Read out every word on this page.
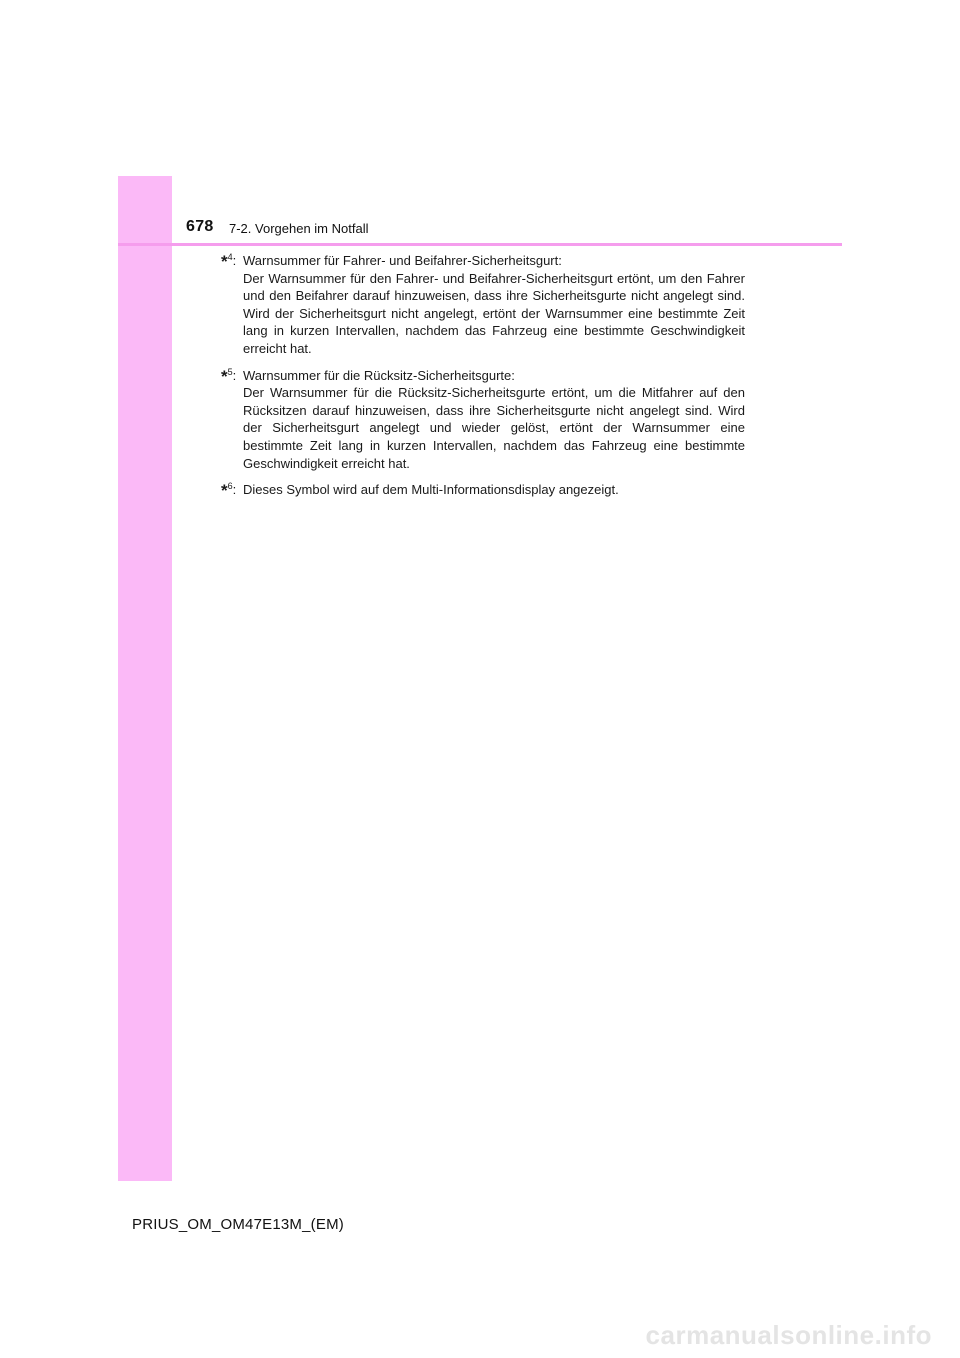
678 7-2. Vorgehen im Notfall
*$^4$: Warnsummer für Fahrer- und Beifahrer-Sicherheitsgurt:
Der Warnsummer für den Fahrer- und Beifahrer-Sicherheitsgurt ertönt, um den Fahrer und den Beifahrer darauf hinzuweisen, dass ihre Sicherheitsgurte nicht angelegt sind. Wird der Sicherheitsgurt nicht angelegt, ertönt der Warnsummer eine bestimmte Zeit lang in kurzen Intervallen, nachdem das Fahrzeug eine bestimmte Geschwindigkeit erreicht hat.
*$^5$: Warnsummer für die Rücksitz-Sicherheitsgurte:
Der Warnsummer für die Rücksitz-Sicherheitsgurte ertönt, um die Mitfahrer auf den Rücksitzen darauf hinzuweisen, dass ihre Sicherheitsgurte nicht angelegt sind. Wird der Sicherheitsgurt angelegt und wieder gelöst, ertönt der Warnsummer eine bestimmte Zeit lang in kurzen Intervallen, nachdem das Fahrzeug eine bestimmte Geschwindigkeit erreicht hat.
*$^6$: Dieses Symbol wird auf dem Multi-Informationsdisplay angezeigt.
PRIUS_OM_OM47E13M_(EM)
carmanualsonline.info
